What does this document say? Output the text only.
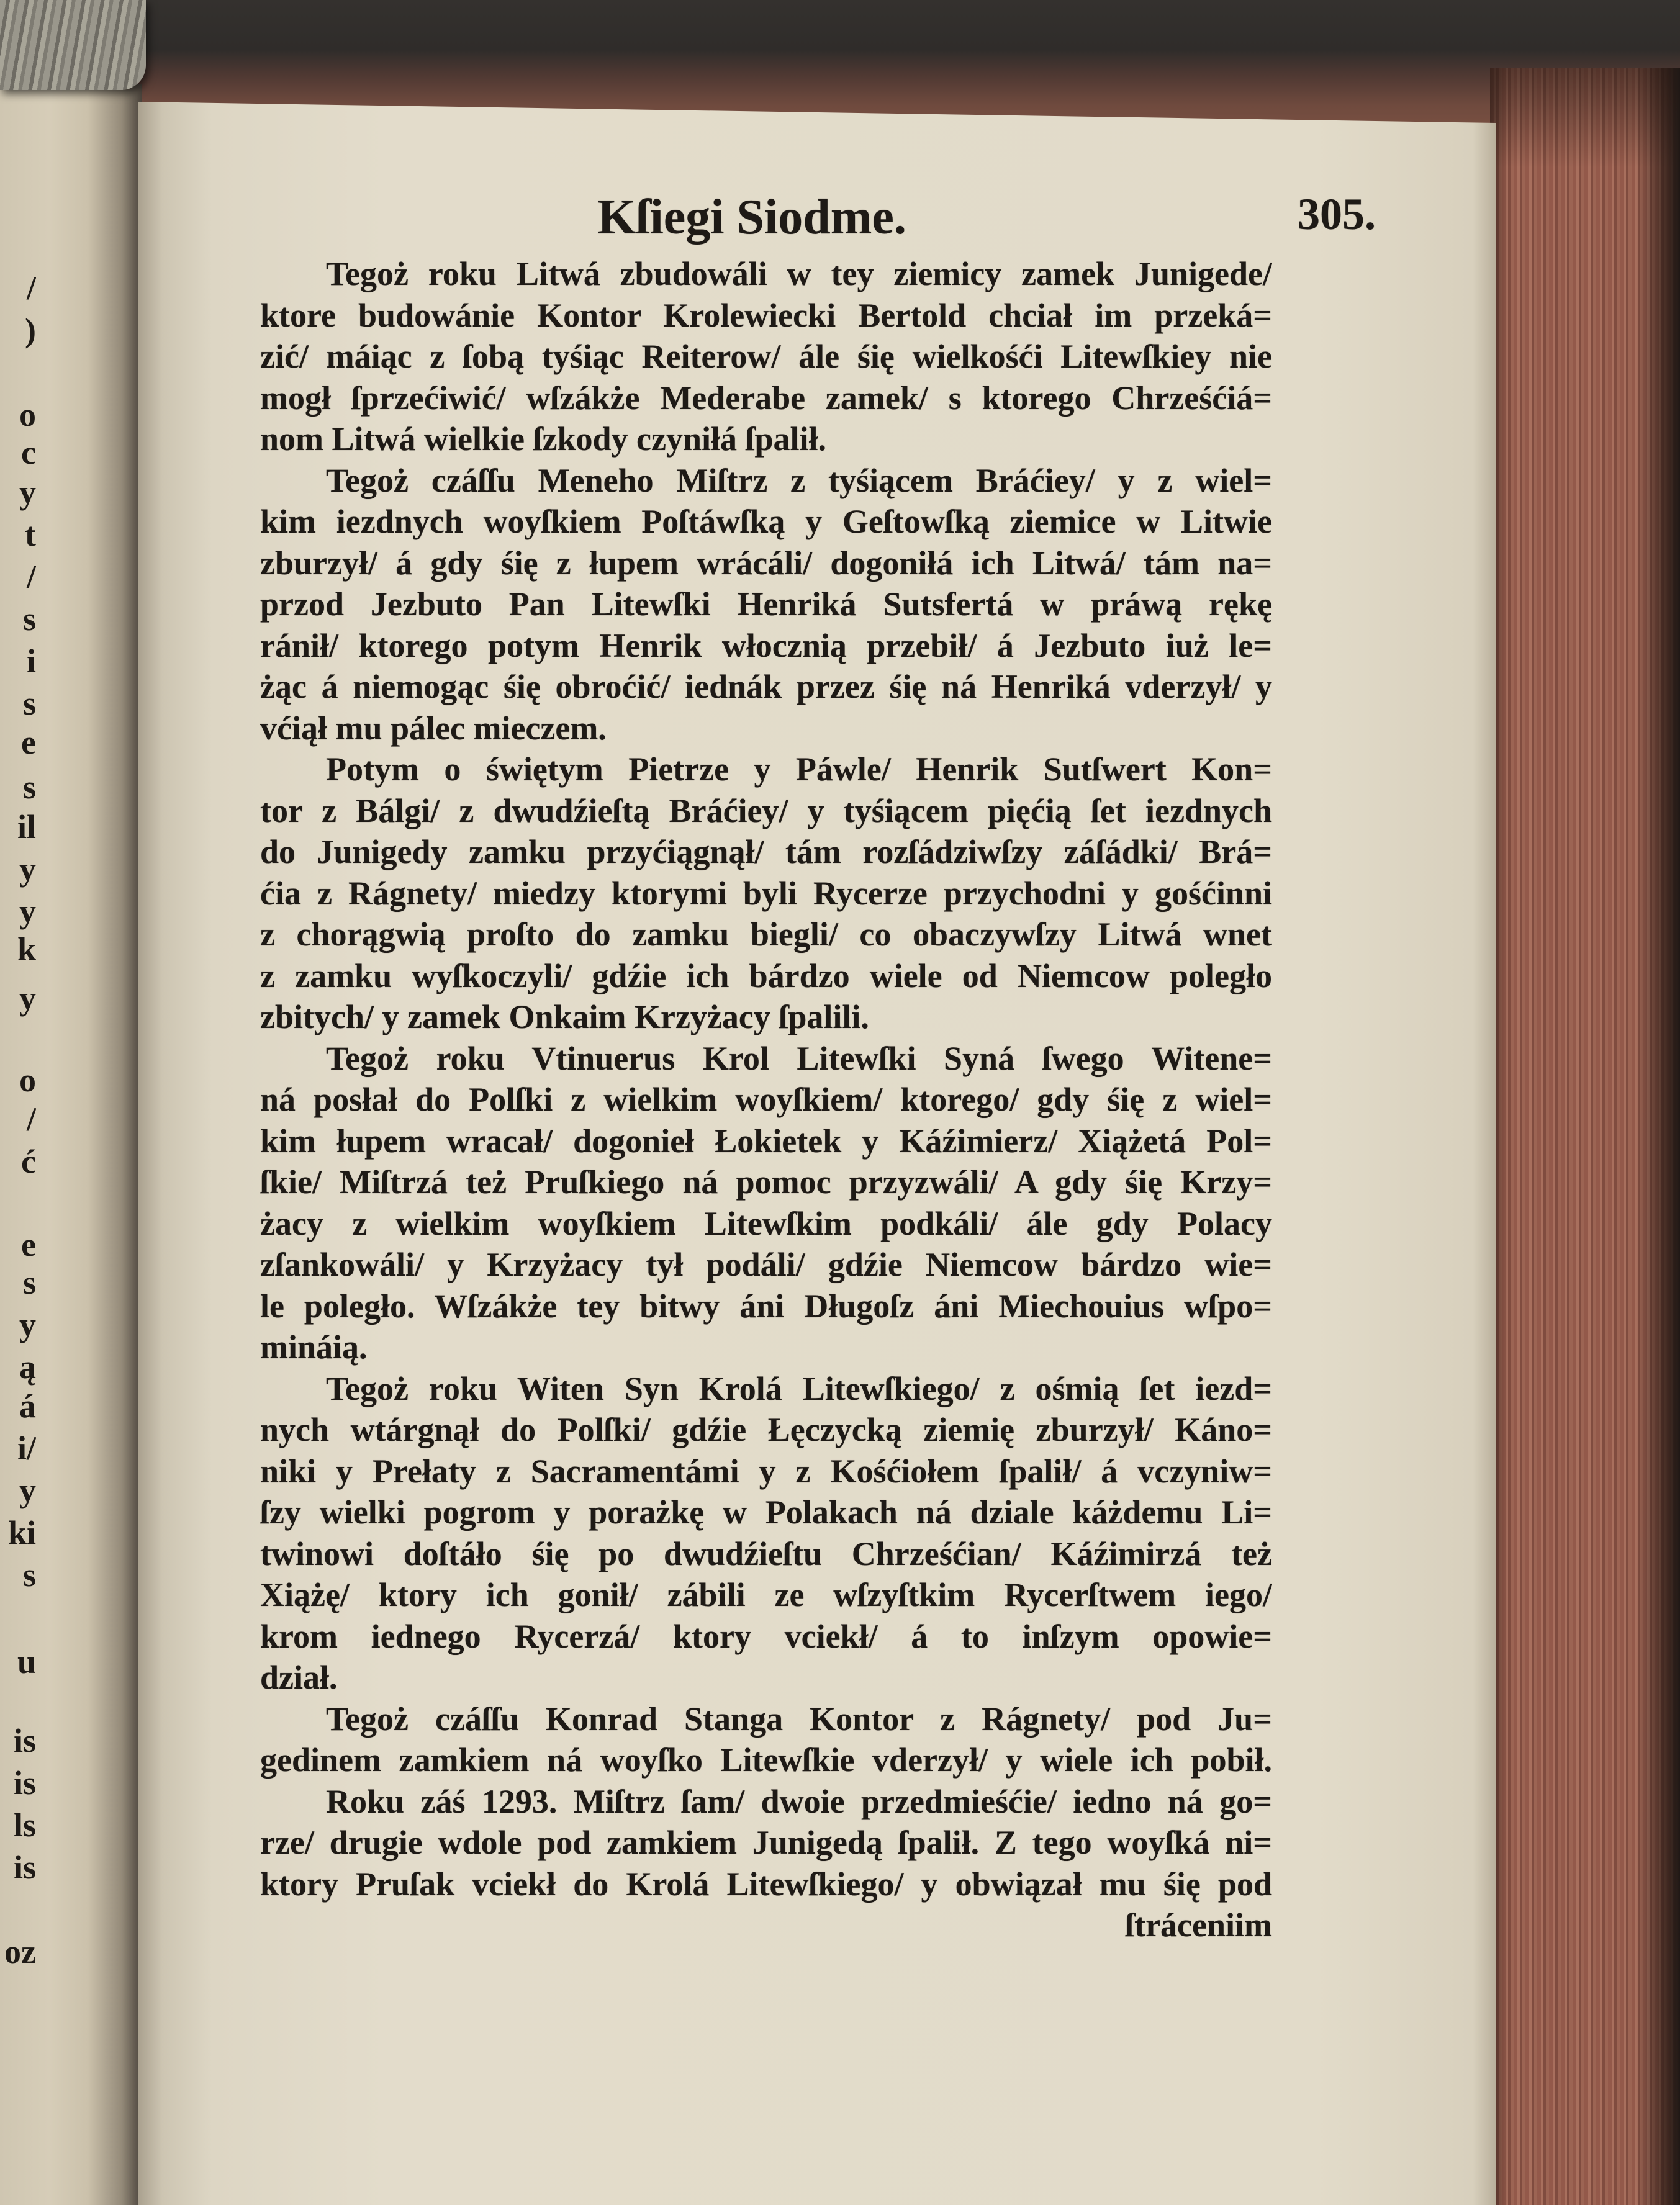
/
)
o
c
y
t
/
s
i
s
e
s
il
y
y
k
y
o
/
ć
e
s
y
ą
á
i/
y
ki
s
u
is
is
ls
is
oz
Kſiegi Siodme.	305.
Tegoż roku Litwá zbudowáli w tey ziemicy zamek Junigede/
ktore budowánie Kontor Krolewiecki Bertold chciał im przeká=
zić/ máiąc z ſobą tyśiąc Reiterow/ ále śię wielkośći Litewſkiey nie
mogł ſprzećiwić/ wſzákże Mederabe zamek/ s ktorego Chrześćiá=
nom Litwá wielkie ſzkody czyniłá ſpalił.
Tegoż czáſſu Meneho Miſtrz z tyśiącem Bráćiey/ y z wiel=
kim iezdnych woyſkiem Poſtáwſką y Geſtowſką ziemice w Litwie
zburzył/ á gdy śię z łupem wrácáli/ dogoniłá ich Litwá/ tám na=
przod Jezbuto Pan Litewſki Henriká Sutsfertá w práwą rękę
ránił/ ktorego potym Henrik włocznią przebił/ á Jezbuto iuż le=
żąc á niemogąc śię obroćić/ iednák przez śię ná Henriká vderzył/ y
vćiął mu pálec mieczem.
Potym o świętym Pietrze y Páwle/ Henrik Sutſwert Kon=
tor z Bálgi/ z dwudźieſtą Bráćiey/ y tyśiącem pięćią ſet iezdnych
do Junigedy zamku przyćiągnął/ tám rozſádziwſzy záſádki/ Brá=
ćia z Rágnety/ miedzy ktorymi byli Rycerze przychodni y gośćinni
z chorągwią proſto do zamku biegli/ co obaczywſzy Litwá wnet
z zamku wyſkoczyli/ gdźie ich bárdzo wiele od Niemcow poległo
zbitych/ y zamek Onkaim Krzyżacy ſpalili.
Tegoż roku Vtinuerus Krol Litewſki Syná ſwego Witene=
ná posłał do Polſki z wielkim woyſkiem/ ktorego/ gdy śię z wiel=
kim łupem wracał/ dogonieł Łokietek y Káźimierz/ Xiążetá Pol=
ſkie/ Miſtrzá też Pruſkiego ná pomoc przyzwáli/ A gdy śię Krzy=
żacy z wielkim woyſkiem Litewſkim podkáli/ ále gdy Polacy
zſankowáli/ y Krzyżacy tył podáli/ gdźie Niemcow bárdzo wie=
le poległo. Wſzákże tey bitwy áni Długoſz áni Miechouius wſpo=
mináią.
Tegoż roku Witen Syn Krolá Litewſkiego/ z ośmią ſet iezd=
nych wtárgnął do Polſki/ gdźie Łęczycką ziemię zburzył/ Káno=
niki y Prełaty z Sacramentámi y z Kośćiołem ſpalił/ á vczyniw=
ſzy wielki pogrom y porażkę w Polakach ná dziale káżdemu Li=
twinowi doſtáło śię po dwudźieſtu Chrześćian/ Káźimirzá też
Xiążę/ ktory ich gonił/ zábili ze wſzyſtkim Rycerſtwem iego/
krom iednego Rycerzá/ ktory vciekł/ á to inſzym opowie=
dział.
Tegoż czáſſu Konrad Stanga Kontor z Rágnety/ pod Ju=
gedinem zamkiem ná woyſko Litewſkie vderzył/ y wiele ich pobił.
Roku záś 1293. Miſtrz ſam/ dwoie przedmieśćie/ iedno ná go=
rze/ drugie wdole pod zamkiem Junigedą ſpalił. Z tego woyſká ni=
ktory Pruſak vciekł do Krolá Litewſkiego/ y obwiązał mu śię pod
ſtráceniim
